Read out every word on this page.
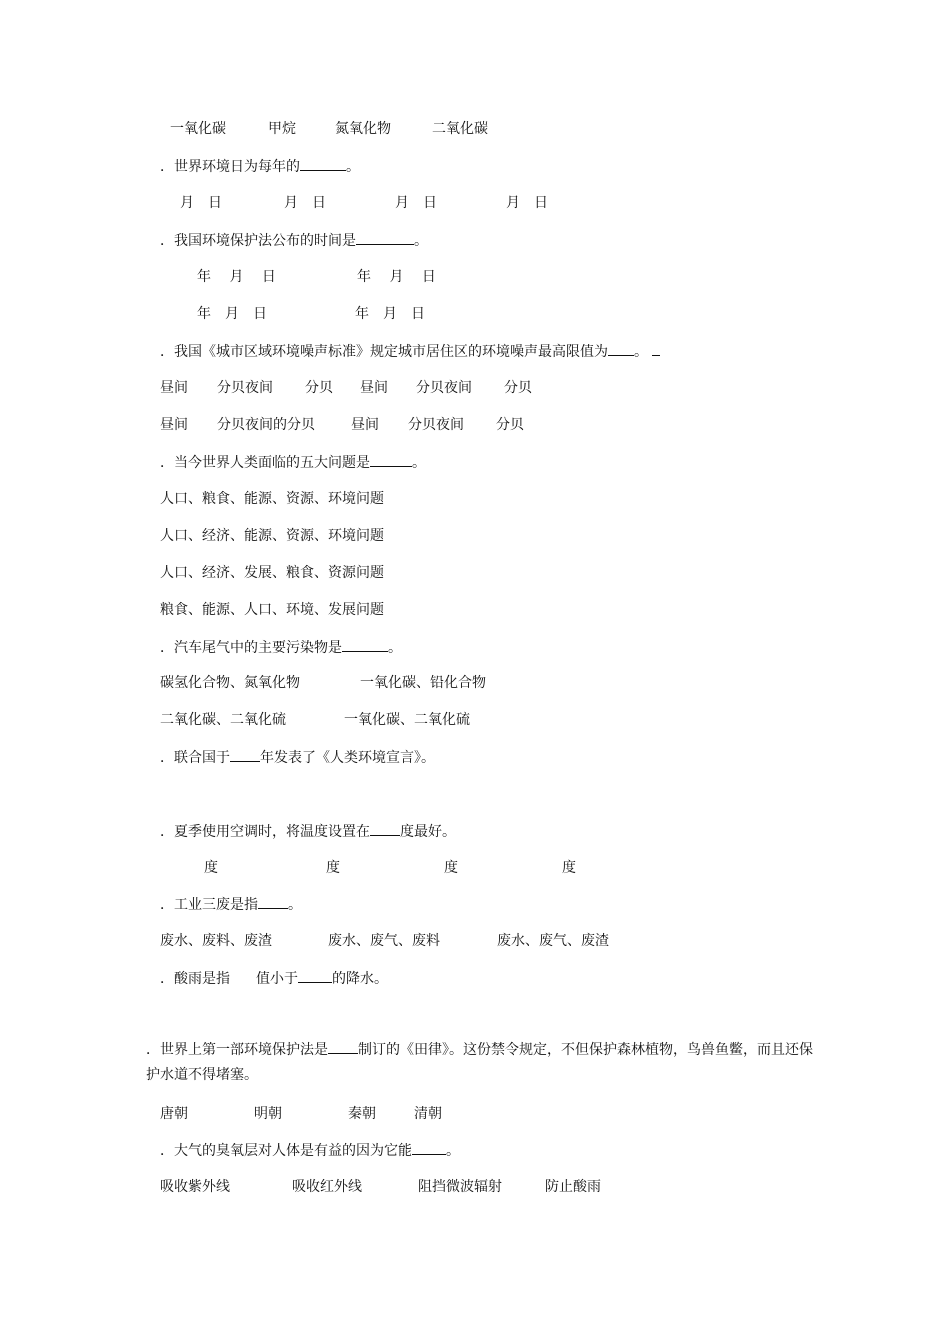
一氧化碳	甲烷	氮氧化物	二氧化碳
．世界环境日为每年的	。
月　日	月　日	月　日	月　日
．我国环境保护法公布的时间是	。
年　 月　 日	年　 月　 日
年　月　日	年　月　日
．我国《城市区域环境噪声标准》规定城市居住区的环境噪声最高限值为 。
昼间 分贝夜间 分贝 昼间 分贝夜间 分贝
昼间 分贝夜间的分贝	昼间 分贝夜间 分贝
．当今世界人类面临的五大问题是	。
人口、粮食、能源、资源、环境问题
人口、经济、能源、资源、环境问题
人口、经济、发展、粮食、资源问题
粮食、能源、人口、环境、发展问题
．汽车尾气中的主要污染物是	。
碳氢化合物、氮氧化物	一氧化碳、铅化合物
二氧化碳、二氧化硫	一氧化碳、二氧化硫
．联合国于 年发表了《人类环境宣言》。
．夏季使用空调时，将温度设置在 度最好。
度	度	度	度
．工业三废是指 。
废水、废料、废渣	废水、废气、废料	废水、废气、废渣
．酸雨是指 值小于 的降水。
．世界上第一部环境保护法是 制订的《田律》。这份禁令规定，不但保护森林植物，鸟兽鱼鳖，而且还保护水道不得堵塞。
唐朝	明朝	秦朝	清朝
．大气的臭氧层对人体是有益的因为它能 。
吸收紫外线	吸收红外线	阻挡微波辐射	防止酸雨
